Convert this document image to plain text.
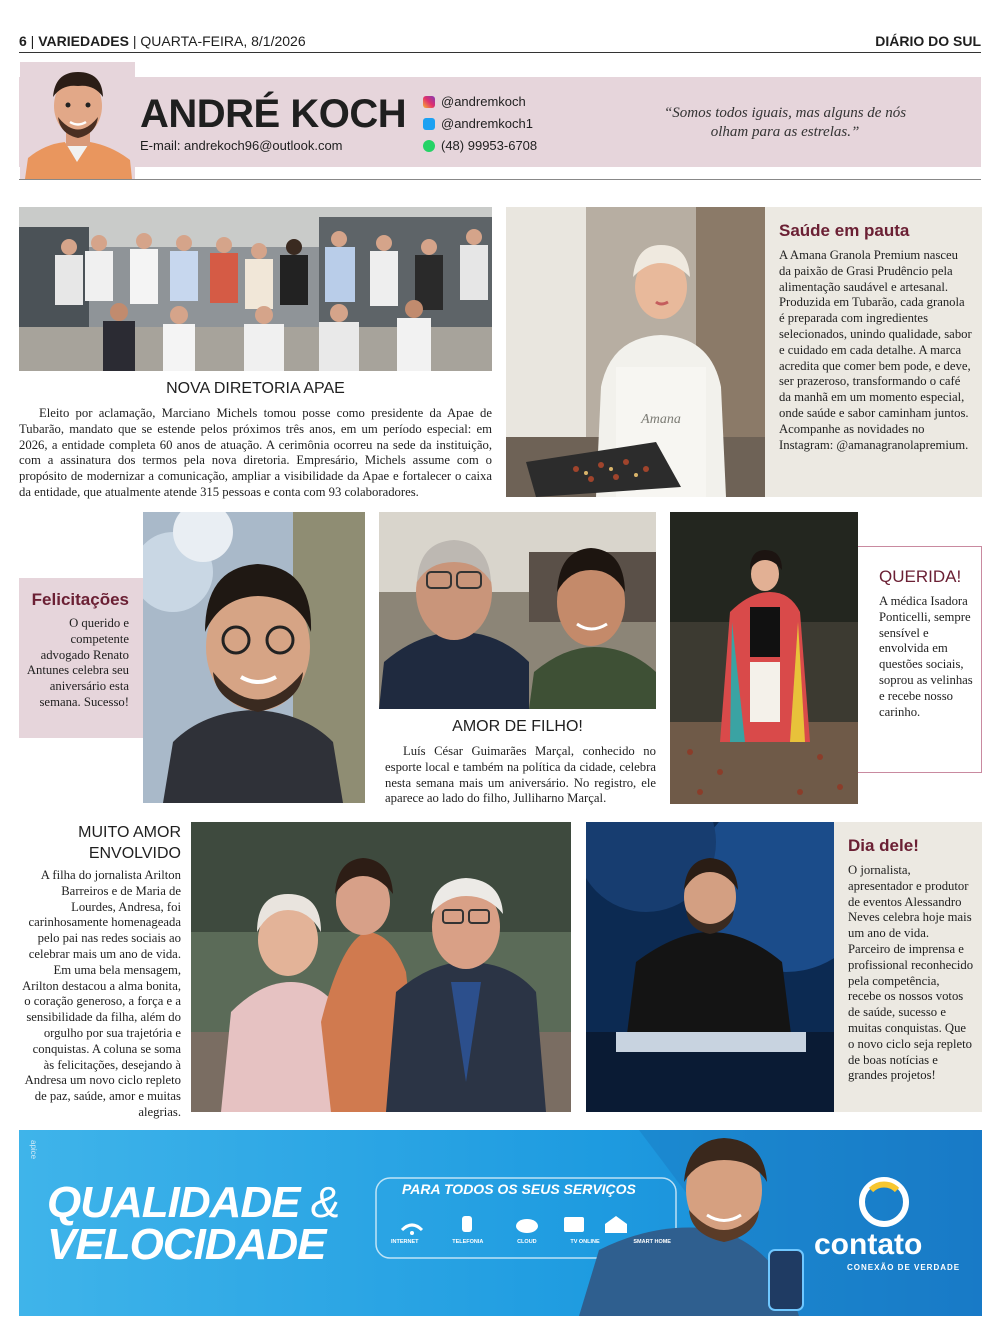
6 | VARIEDADES | QUARTA-FEIRA, 8/1/2026	DIÁRIO DO SUL
ANDRÉ KOCH
E-mail: andrekoch96@outlook.com
@andremkoch
@andremkoch1
(48) 99953-6708
“Somos todos iguais, mas alguns de nós olham para as estrelas.”
NOVA DIRETORIA APAE
Eleito por aclamação, Marciano Michels tomou posse como presidente da Apae de Tubarão, mandato que se estende pelos próximos três anos, em um período especial: em 2026, a entidade completa 60 anos de atuação. A cerimônia ocorreu na sede da instituição, com a assinatura dos termos pela nova diretoria. Empresário, Michels assume com o propósito de modernizar a comunicação, ampliar a visibilidade da Apae e fortalecer o caixa da entidade, que atualmente atende 315 pessoas e conta com 93 colaboradores.
Amana
Saúde em pauta
A Amana Granola Premium nasceu da paixão de Grasi Prudêncio pela alimentação saudável e artesanal. Produzida em Tubarão, cada granola é preparada com ingredientes selecionados, unindo qualidade, sabor e cuidado em cada detalhe. A marca acredita que comer bem pode, e deve, ser prazeroso, transformando o café da manhã em um momento especial, onde saúde e sabor caminham juntos. Acompanhe as novidades no Instagram: @amanagranolapremium.
Felicitações
O querido e competente advogado Renato Antunes celebra seu aniversário esta semana. Sucesso!
AMOR DE FILHO!
Luís César Guimarães Marçal, conhecido no esporte local e também na política da cidade, celebra nesta semana mais um aniversário. No registro, ele aparece ao lado do filho, Julliharno Marçal.
QUERIDA!
A médica Isadora Ponticelli, sempre sensível e envolvida em questões sociais, soprou as velinhas e recebe nosso carinho.
MUITO AMOR
ENVOLVIDO
A filha do jornalista Arilton Barreiros e de Maria de Lourdes, Andresa, foi carinhosamente homenageada pelo pai nas redes sociais ao celebrar mais um ano de vida. Em uma bela mensagem, Arilton destacou a alma bonita, o coração generoso, a força e a sensibilidade da filha, além do orgulho por sua trajetória e conquistas. A coluna se soma às felicitações, desejando à Andresa um novo ciclo repleto de paz, saúde, amor e muitas alegrias.
Dia dele!
O jornalista, apresentador e produtor de eventos Alessandro Neves celebra hoje mais um ano de vida. Parceiro de imprensa e profissional reconhecido pela competência, recebe os nossos votos de saúde, sucesso e muitas conquistas. Que o novo ciclo seja repleto de boas notícias e grandes projetos!
apice
QUALIDADE &
VELOCIDADE
PARA TODOS OS SEUS SERVIÇOS
INTERNET	TELEFONIA	CLOUD	TV ONLINE	SMART HOME	contato
CONEXÃO DE VERDADE
